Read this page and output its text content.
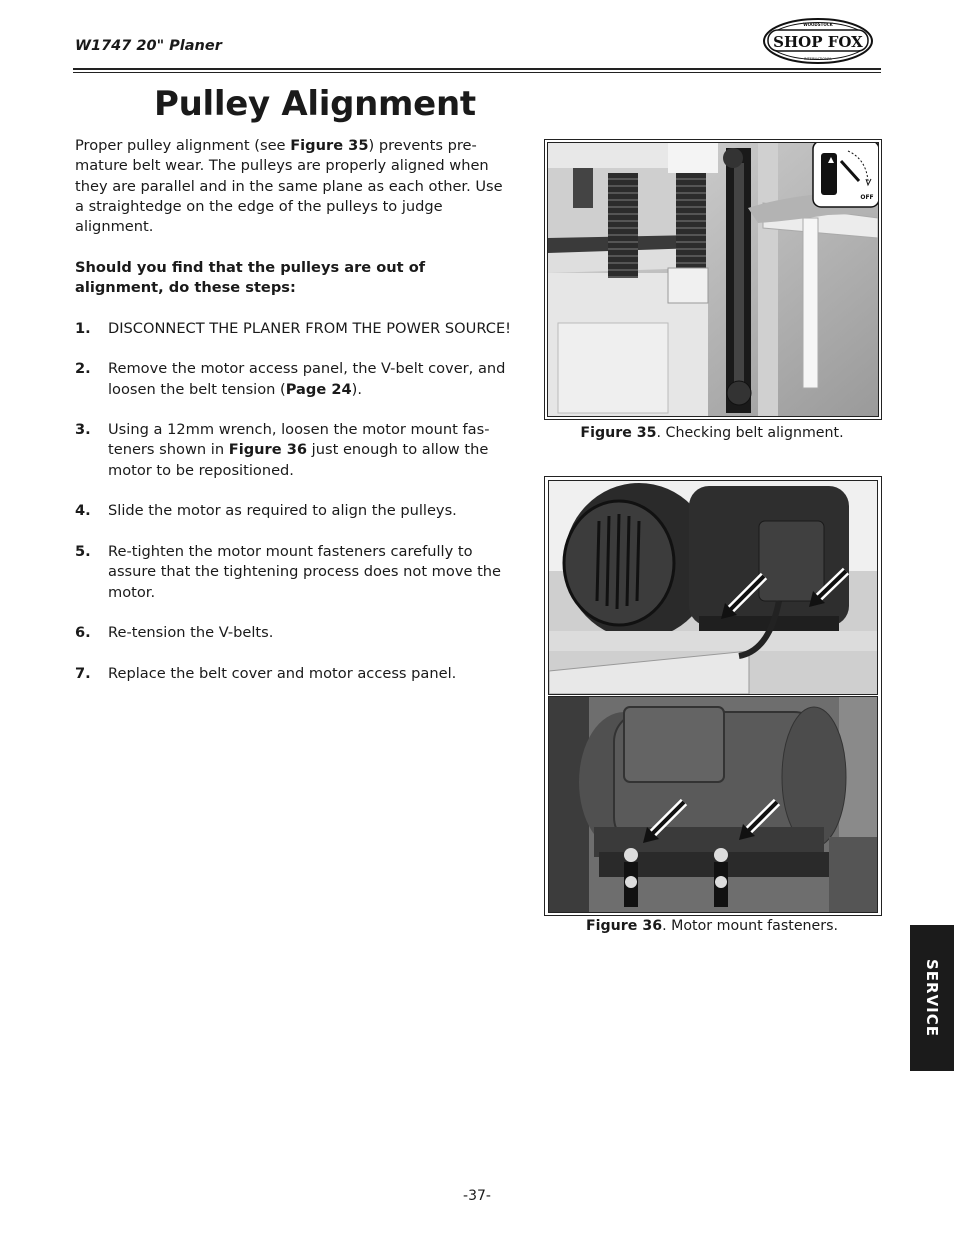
W1747 20" Planer	SHOP FOX
WOODSTOCK
INTERNATIONAL
Pulley Alignment

Proper pulley alignment (see Figure 35) prevents pre-mature belt wear. The pulleys are properly aligned when they are parallel and in the same plane as each other. Use a straightedge on the edge of the pulleys to judge alignment.

Should you find that the pulleys are out of alignment, do these steps:

1. DISCONNECT THE PLANER FROM THE POWER SOURCE!
2. Remove the motor access panel, the V-belt cover, and loosen the belt tension (Page 24).
3. Using a 12mm wrench, loosen the motor mount fas-teners shown in Figure 36 just enough to allow the motor to be repositioned.
4. Slide the motor as required to align the pulleys.
5. Re-tighten the motor mount fasteners carefully to assure that the tightening process does not move the motor.
6. Re-tension the V-belts.
7. Replace the belt cover and motor access panel.
OFF
Figure 35. Checking belt alignment.
Figure 36. Motor mount fasteners.
SERVICE
-37-
